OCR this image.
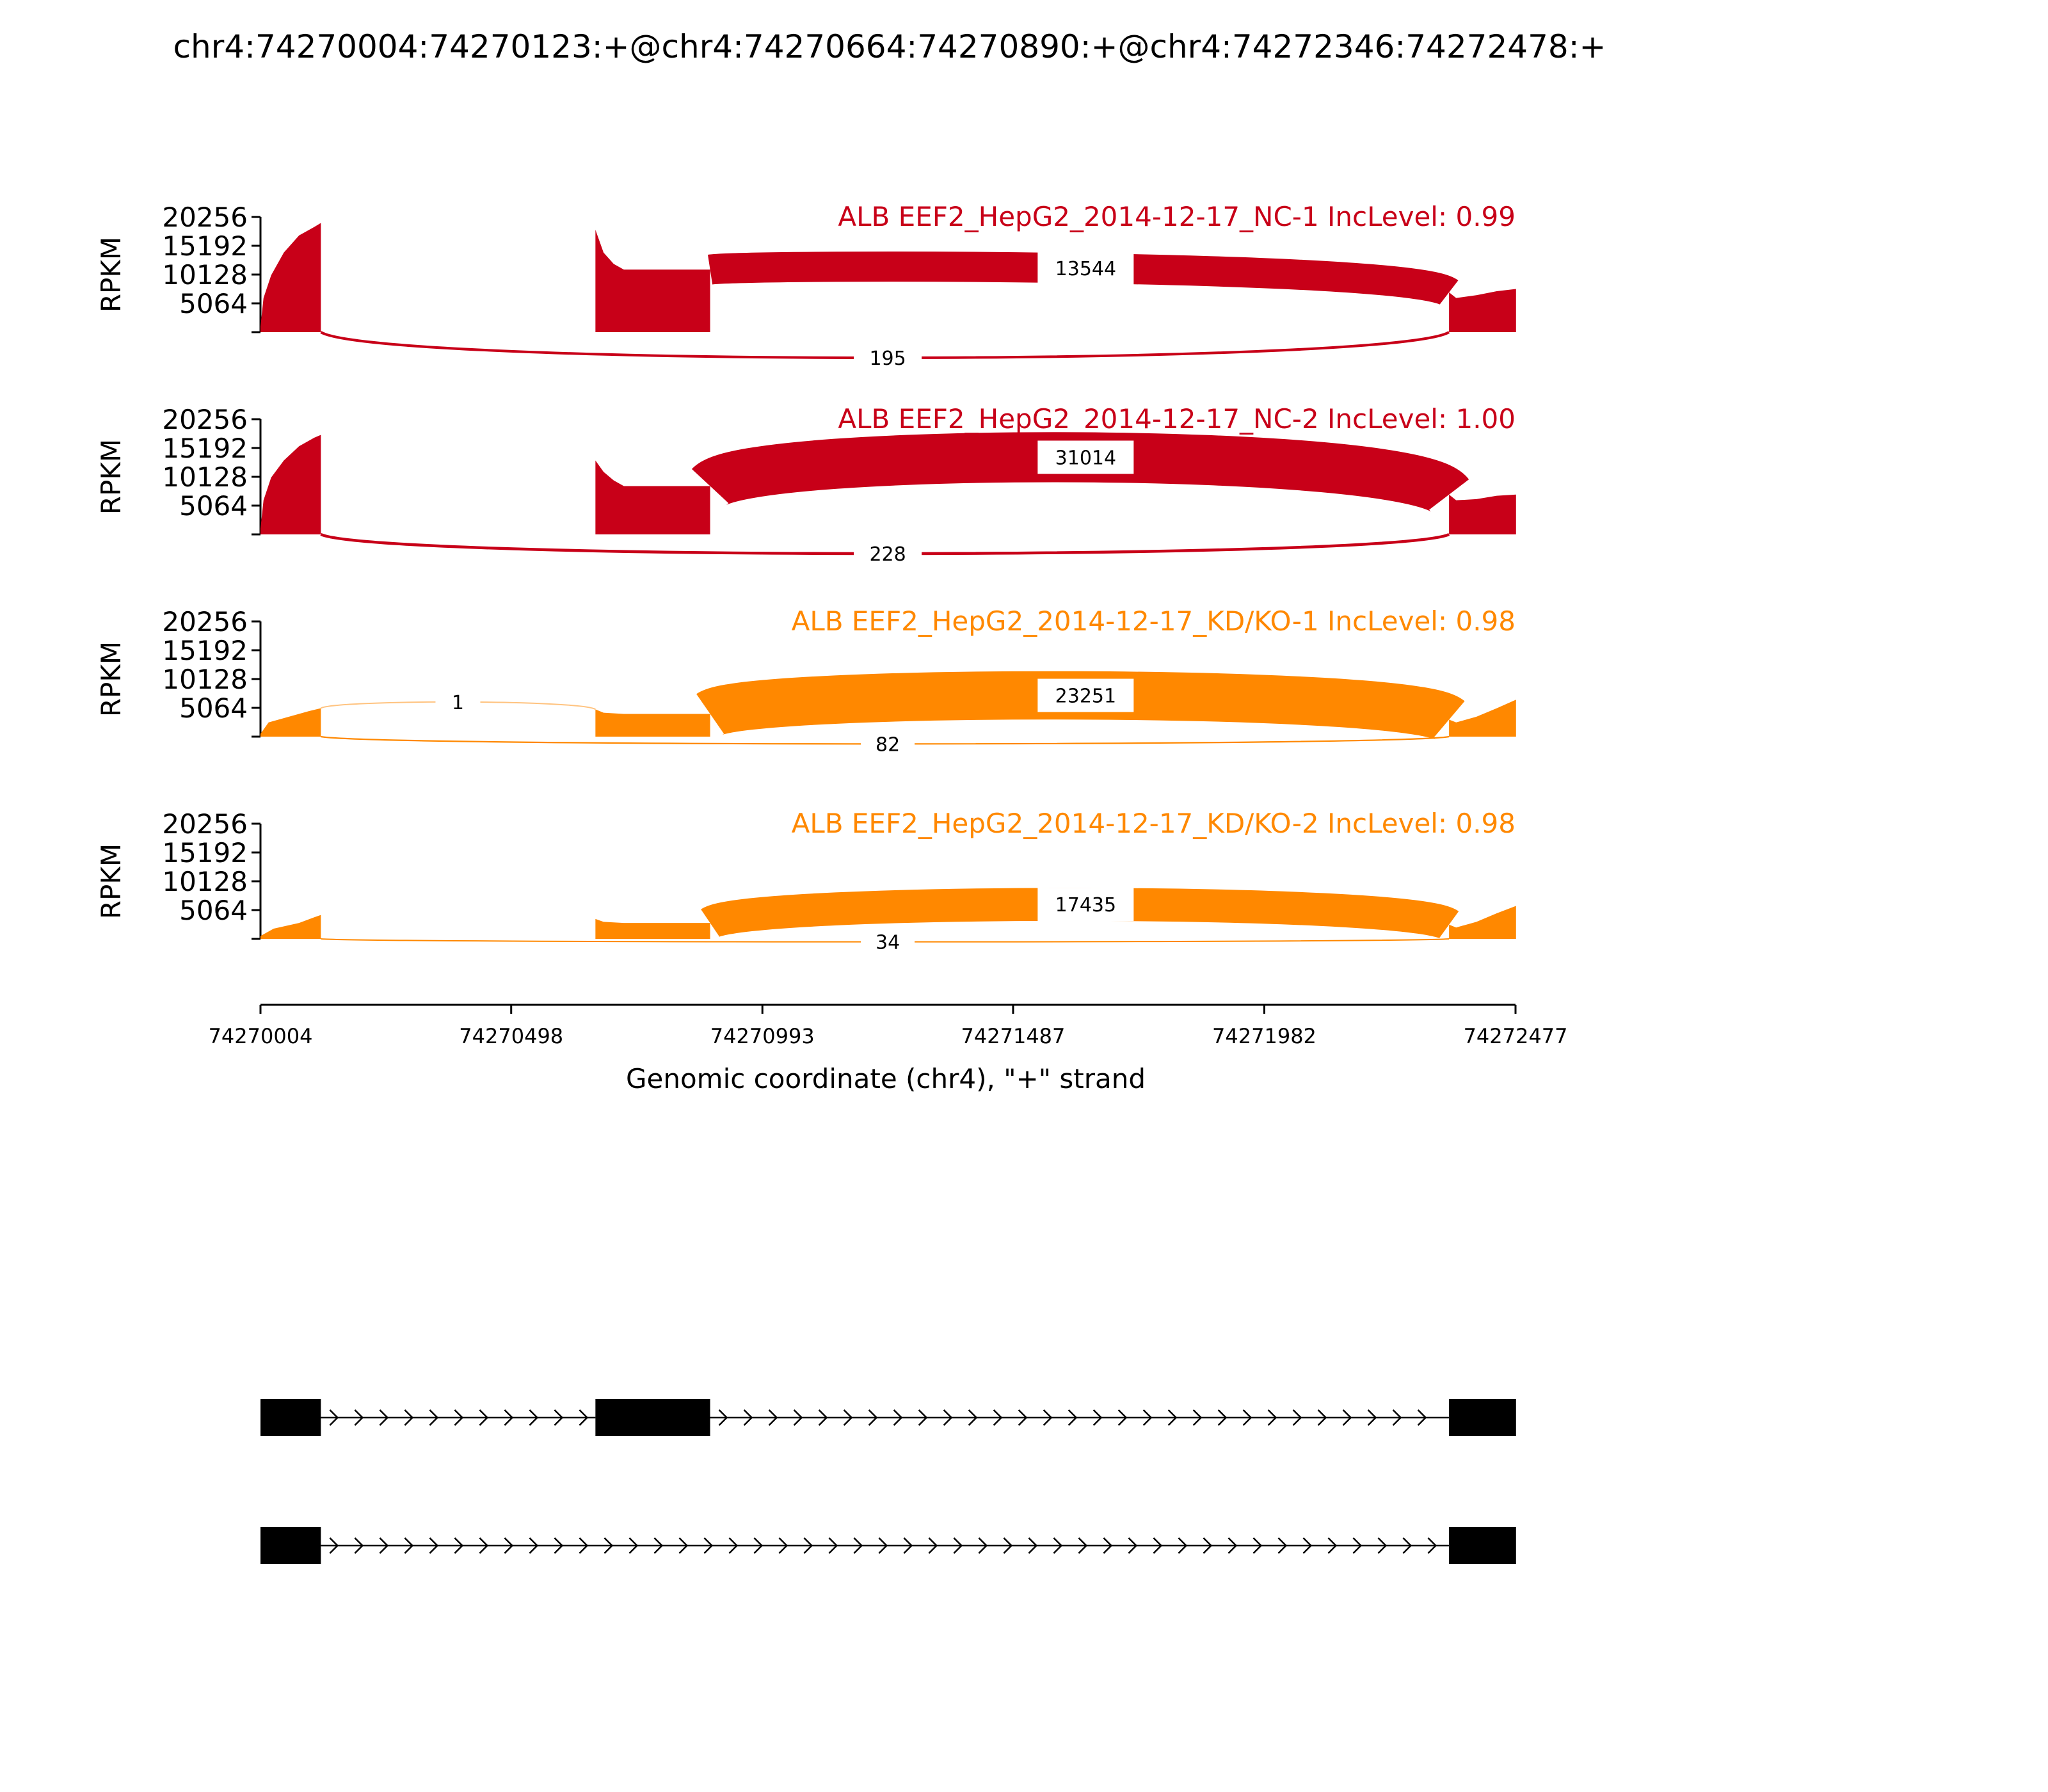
chr4:74270004:74270123:+@chr4:74270664:74270890:+@chr4:74272346:74272478:+
5064
10128
15192
20256
RPKM
ALB EEF2_HepG2_2014-12-17_NC-1 IncLevel: 0.99
13544
195
5064
10128
15192
20256
RPKM
ALB EEF2_HepG2_2014-12-17_NC-2 IncLevel: 1.00
31014
228
5064
10128
15192
20256
RPKM
ALB EEF2_HepG2_2014-12-17_KD/KO-1 IncLevel: 0.98
23251
1
82
5064
10128
15192
20256
RPKM
ALB EEF2_HepG2_2014-12-17_KD/KO-2 IncLevel: 0.98
17435
34
74270004	74270498	74270993	74271487	74271982	74272477
Genomic coordinate (chr4), "+" strand
